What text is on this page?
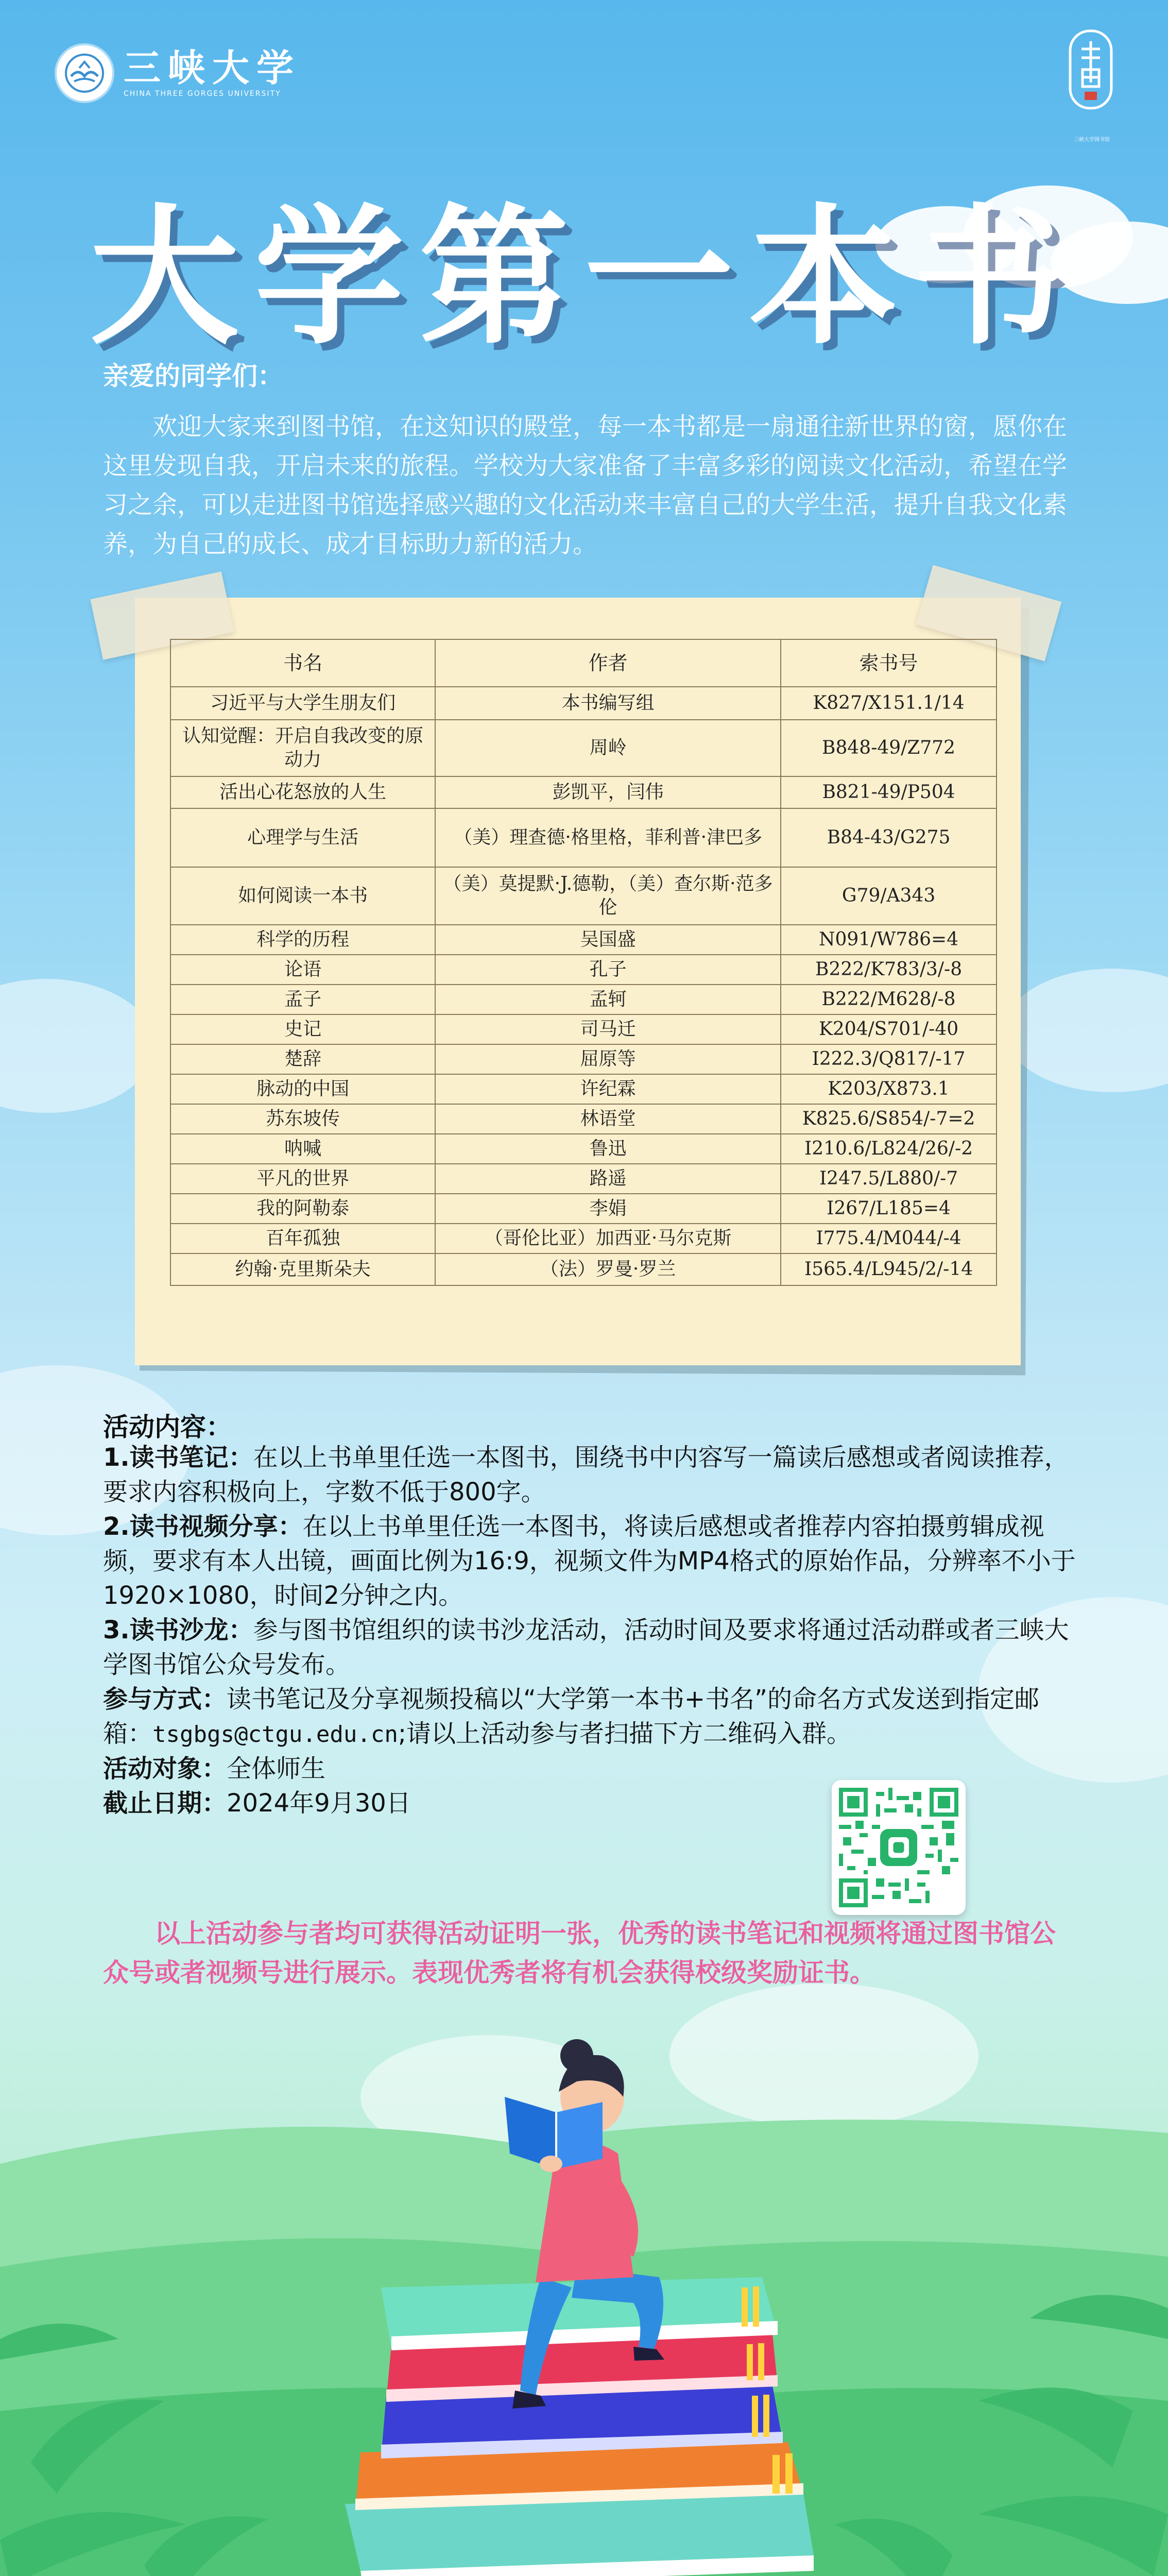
三峡大学
CHINA THREE GORGES UNIVERSITY
三峡大学图书馆
大学第一本书
亲爱的同学们：
欢迎大家来到图书馆，在这知识的殿堂，每一本书都是一扇通往新世界的窗，愿你在这里发现自我，开启未来的旅程。学校为大家准备了丰富多彩的阅读文化活动，希望在学习之余，可以走进图书馆选择感兴趣的文化活动来丰富自己的大学生活，提升自我文化素养，为自己的成长、成才目标助力新的活力。
书名	作者	索书号
习近平与大学生朋友们	本书编写组	K827/X151.1/14
认知觉醒：开启自我改变的原动力	周岭	B848-49/Z772
活出心花怒放的人生	彭凯平，闫伟	B821-49/P504
心理学与生活	（美）理查德·格里格，菲利普·津巴多	B84-43/G275
如何阅读一本书	（美）莫提默·J.德勒，（美）查尔斯·范多伦	G79/A343
科学的历程	吴国盛	N091/W786=4
论语	孔子	B222/K783/3/-8
孟子	孟轲	B222/M628/-8
史记	司马迁	K204/S701/-40
楚辞	屈原等	I222.3/Q817/-17
脉动的中国	许纪霖	K203/X873.1
苏东坡传	林语堂	K825.6/S854/-7=2
呐喊	鲁迅	I210.6/L824/26/-2
平凡的世界	路遥	I247.5/L880/-7
我的阿勒泰	李娟	I267/L185=4
百年孤独	（哥伦比亚）加西亚·马尔克斯	I775.4/M044/-4
约翰·克里斯朵夫	（法）罗曼·罗兰	I565.4/L945/2/-14
活动内容：

1.读书笔记：在以上书单里任选一本图书，围绕书中内容写一篇读后感想或者阅读推荐，要求内容积极向上，字数不低于800字。

2.读书视频分享：在以上书单里任选一本图书，将读后感想或者推荐内容拍摄剪辑成视频，要求有本人出镜，画面比例为16:9，视频文件为MP4格式的原始作品，分辨率不小于1920×1080，时间2分钟之内。

3.读书沙龙：参与图书馆组织的读书沙龙活动，活动时间及要求将通过活动群或者三峡大学图书馆公众号发布。

参与方式：读书笔记及分享视频投稿以“大学第一本书+书名”的命名方式发送到指定邮箱：tsgbgs@ctgu.edu.cn;请以上活动参与者扫描下方二维码入群。

活动对象：全体师生

截止日期：2024年9月30日

以上活动参与者均可获得活动证明一张，优秀的读书笔记和视频将通过图书馆公众号或者视频号进行展示。表现优秀者将有机会获得校级奖励证书。
